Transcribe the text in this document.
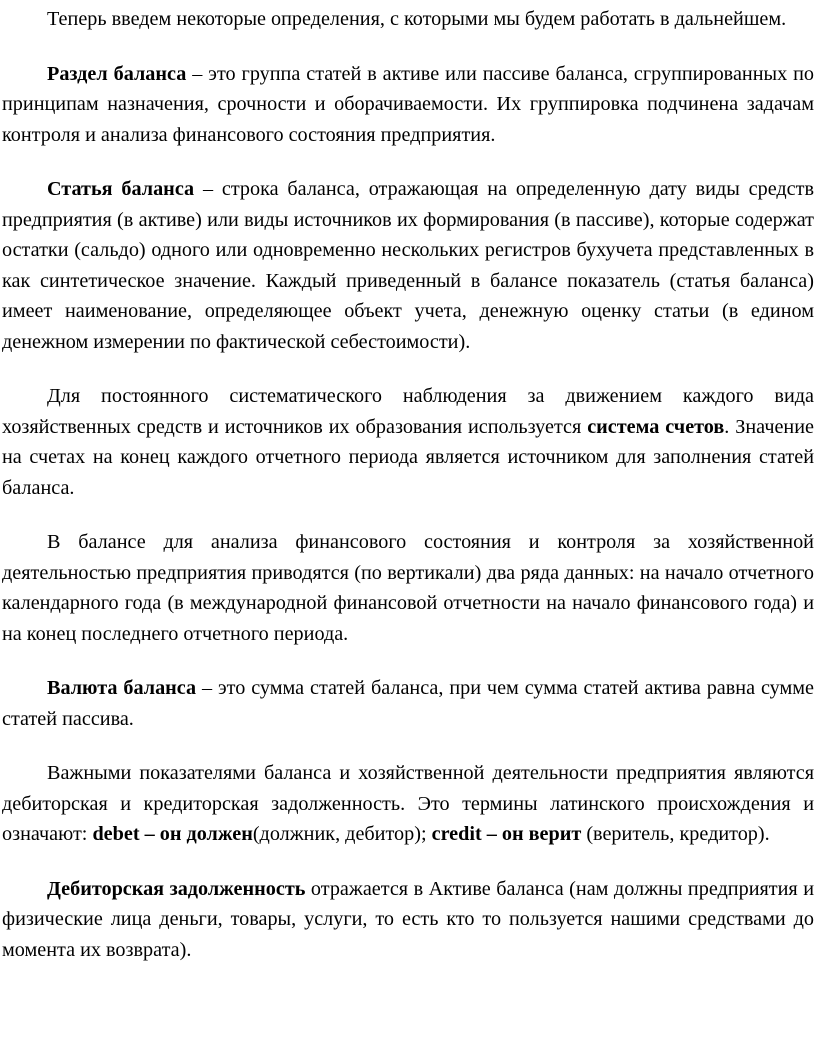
Теперь введем некоторые определения, с которыми мы будем работать в дальнейшем.

Раздел баланса – это группа статей в активе или пассиве баланса, сгруппированных по принципам назначения, срочности и оборачиваемости. Их группировка подчинена задачам контроля и анализа финансового состояния предприятия.

Статья баланса – строка баланса, отражающая на определенную дату виды средств предприятия (в активе) или виды источников их формирования (в пассиве), которые содержат остатки (сальдо) одного или одновременно нескольких регистров бухучета представленных в как синтетическое значение. Каждый приведенный в балансе показатель (статья баланса) имеет наименование, определяющее объект учета, денежную оценку статьи (в едином денежном измерении по фактической себестоимости).

Для постоянного систематического наблюдения за движением каждого вида хозяйственных средств и источников их образования используется система счетов. Значение на счетах на конец каждого отчетного периода является источником для заполнения статей баланса.

В балансе для анализа финансового состояния и контроля за хозяйственной деятельностью предприятия приводятся (по вертикали) два ряда данных: на начало отчетного календарного года (в международной финансовой отчетности на начало финансового года) и на конец последнего отчетного периода.

Валюта баланса – это сумма статей баланса, при чем сумма статей актива равна сумме статей пассива.

Важными показателями баланса и хозяйственной деятельности предприятия являются дебиторская и кредиторская задолженность. Это термины латинского происхождения и означают: debet – он должен(должник, дебитор); credit – он верит (веритель, кредитор).

Дебиторская задолженность отражается в Активе баланса (нам должны предприятия и физические лица деньги, товары, услуги, то есть кто то пользуется нашими средствами до момента их возврата).
